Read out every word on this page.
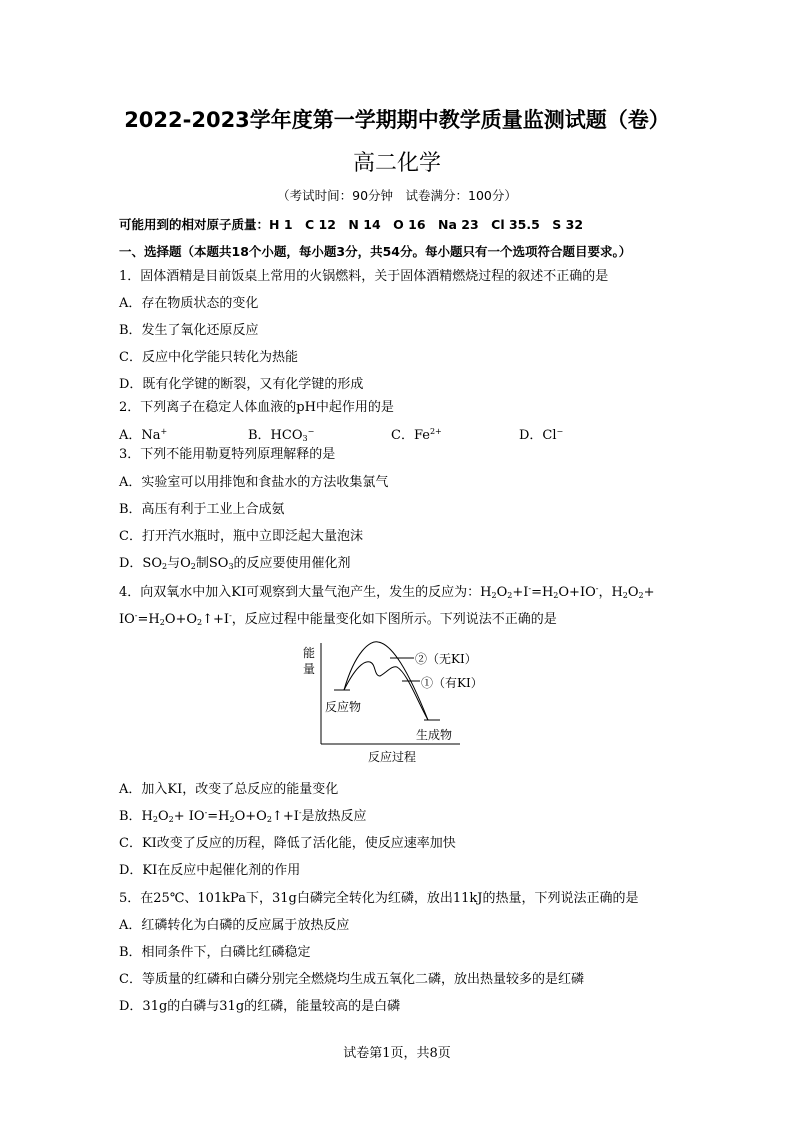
2022-2023学年度第一学期期中教学质量监测试题（卷）
高二化学
（考试时间：90分钟　试卷满分：100分）
可能用到的相对原子质量：H 1　C 12　N 14　O 16　Na 23　Cl 35.5　S 32
一、选择题（本题共18个小题，每小题3分，共54分。每小题只有一个选项符合题目要求。）
1．固体酒精是目前饭桌上常用的火锅燃料，关于固体酒精燃烧过程的叙述不正确的是
A．存在物质状态的变化
B．发生了氧化还原反应
C．反应中化学能只转化为热能
D．既有化学键的断裂，又有化学键的形成
2．下列离子在稳定人体血液的pH中起作用的是
A．Na+	B．$HCO_3^-$	C．$Fe^{2+}$	D．Cl−
3．下列不能用勒夏特列原理解释的是
A．实验室可以用排饱和食盐水的方法收集氯气
B．高压有利于工业上合成氨
C．打开汽水瓶时，瓶中立即泛起大量泡沫
D．$SO_2$与$O_2$制$SO_3$的反应要使用催化剂
4．向双氧水中加入KI可观察到大量气泡产生，发生的反应为：$H_2O_2+I^-=H_2O+IO^-$，$H_2O_2+$
$IO^-=H_2O+O_2↑+I^-$，反应过程中能量变化如下图所示。下列说法不正确的是
能
量
②（无KI）
①（有KI）
反应物
生成物
反应过程
A．加入KI，改变了总反应的能量变化
B．$H_2O_2+$ $IO^-=H_2O+O_2↑+I^-$是放热反应
C．KI改变了反应的历程，降低了活化能，使反应速率加快
D．KI在反应中起催化剂的作用
5．在25℃、101kPa下，31g白磷完全转化为红磷，放出11kJ的热量，下列说法正确的是
A．红磷转化为白磷的反应属于放热反应
B．相同条件下，白磷比红磷稳定
C．等质量的红磷和白磷分别完全燃烧均生成五氧化二磷，放出热量较多的是红磷
D．31g的白磷与31g的红磷，能量较高的是白磷
试卷第1页，共8页
